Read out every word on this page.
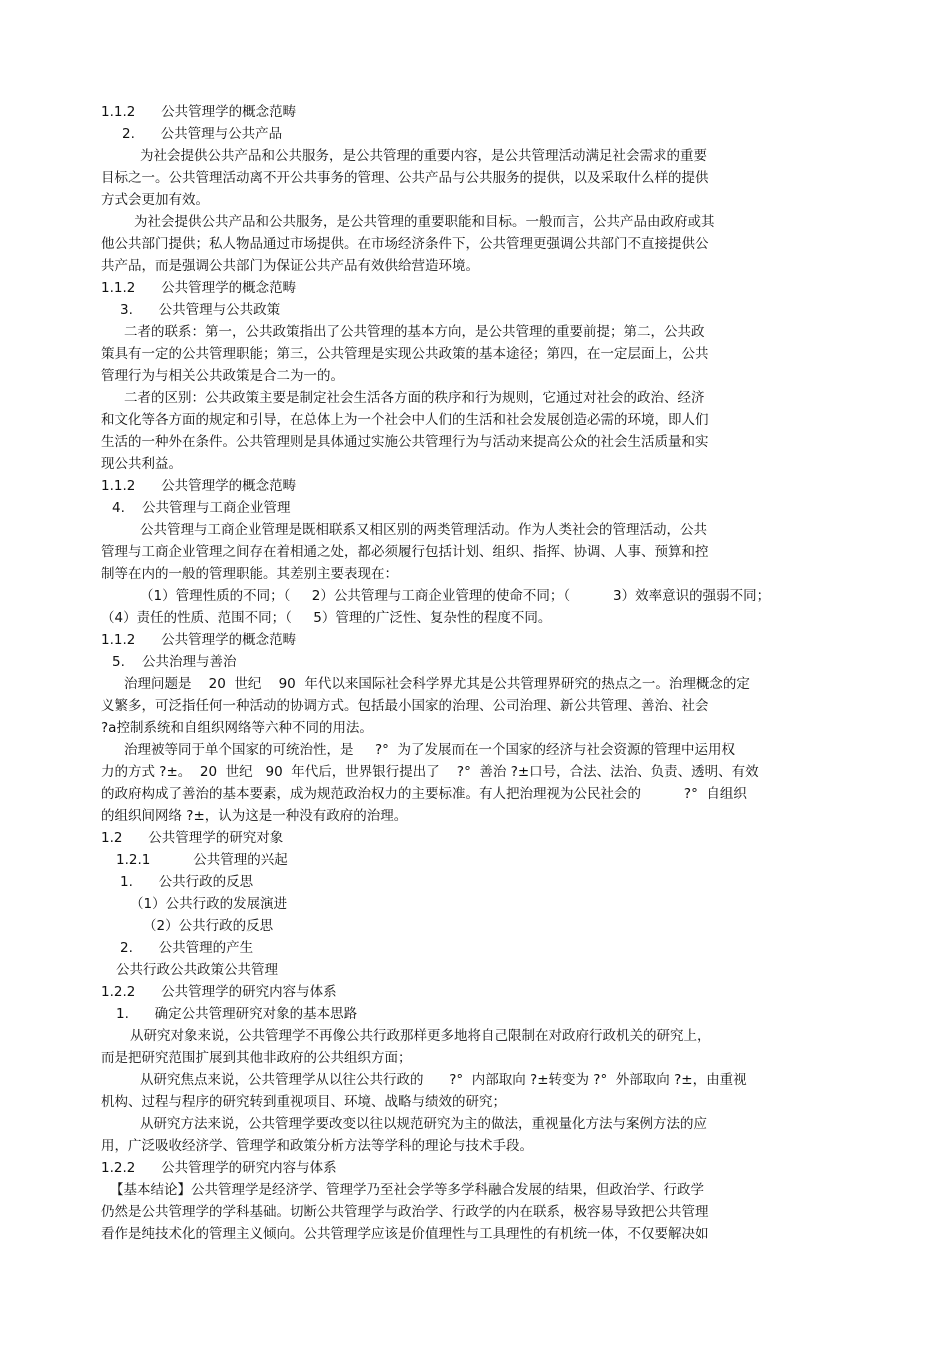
1.1.2      公共管理学的概念范畴
2.      公共管理与公共产品
为社会提供公共产品和公共服务，是公共管理的重要内容，是公共管理活动满足社会需求的重要
目标之一。公共管理活动离不开公共事务的管理、公共产品与公共服务的提供，以及采取什么样的提供
方式会更加有效。
为社会提供公共产品和公共服务，是公共管理的重要职能和目标。一般而言，公共产品由政府或其
他公共部门提供；私人物品通过市场提供。在市场经济条件下，公共管理更强调公共部门不直接提供公
共产品，而是强调公共部门为保证公共产品有效供给营造环境。
1.1.2      公共管理学的概念范畴
3.      公共管理与公共政策
二者的联系：第一，公共政策指出了公共管理的基本方向，是公共管理的重要前提；第二，公共政
策具有一定的公共管理职能；第三，公共管理是实现公共政策的基本途径；第四，在一定层面上，公共
管理行为与相关公共政策是合二为一的。
二者的区别：公共政策主要是制定社会生活各方面的秩序和行为规则，它通过对社会的政治、经济
和文化等各方面的规定和引导，在总体上为一个社会中人们的生活和社会发展创造必需的环境，即人们
生活的一种外在条件。公共管理则是具体通过实施公共管理行为与活动来提高公众的社会生活质量和实
现公共利益。
1.1.2      公共管理学的概念范畴
4.    公共管理与工商企业管理
公共管理与工商企业管理是既相联系又相区别的两类管理活动。作为人类社会的管理活动，公共
管理与工商企业管理之间存在着相通之处，都必须履行包括计划、组织、指挥、协调、人事、预算和控
制等在内的一般的管理职能。其差别主要表现在：
（1）管理性质的不同；（     2）公共管理与工商企业管理的使命不同；（          3）效率意识的强弱不同；
（4）责任的性质、范围不同；（     5）管理的广泛性、复杂性的程度不同。
1.1.2      公共管理学的概念范畴
5.    公共治理与善治
治理问题是    20  世纪    90  年代以来国际社会科学界尤其是公共管理界研究的热点之一。治理概念的定
义繁多，可泛指任何一种活动的协调方式。包括最小国家的治理、公司治理、新公共管理、善治、社会
?a控制系统和自组织网络等六种不同的用法。
治理被等同于单个国家的可统治性，是     ?°  为了发展而在一个国家的经济与社会资源的管理中运用权
力的方式 ?±。  20  世纪   90  年代后，世界银行提出了    ?°  善治 ?±口号，合法、法治、负责、透明、有效
的政府构成了善治的基本要素，成为规范政治权力的主要标准。有人把治理视为公民社会的          ?°  自组织
的组织间网络 ?±，认为这是一种没有政府的治理。
1.2      公共管理学的研究对象
1.2.1          公共管理的兴起
1.      公共行政的反思
（1）公共行政的发展演进
（2）公共行政的反思
2.      公共管理的产生
公共行政公共政策公共管理
1.2.2      公共管理学的研究内容与体系
1.      确定公共管理研究对象的基本思路
从研究对象来说，公共管理学不再像公共行政那样更多地将自己限制在对政府行政机关的研究上，
而是把研究范围扩展到其他非政府的公共组织方面；
从研究焦点来说，公共管理学从以往公共行政的      ?°  内部取向 ?±转变为 ?°  外部取向 ?±，由重视
机构、过程与程序的研究转到重视项目、环境、战略与绩效的研究；
从研究方法来说，公共管理学要改变以往以规范研究为主的做法，重视量化方法与案例方法的应
用，广泛吸收经济学、管理学和政策分析方法等学科的理论与技术手段。
1.2.2      公共管理学的研究内容与体系
【基本结论】公共管理学是经济学、管理学乃至社会学等多学科融合发展的结果，但政治学、行政学
仍然是公共管理学的学科基础。切断公共管理学与政治学、行政学的内在联系，极容易导致把公共管理
看作是纯技术化的管理主义倾向。公共管理学应该是价值理性与工具理性的有机统一体，不仅要解决如
